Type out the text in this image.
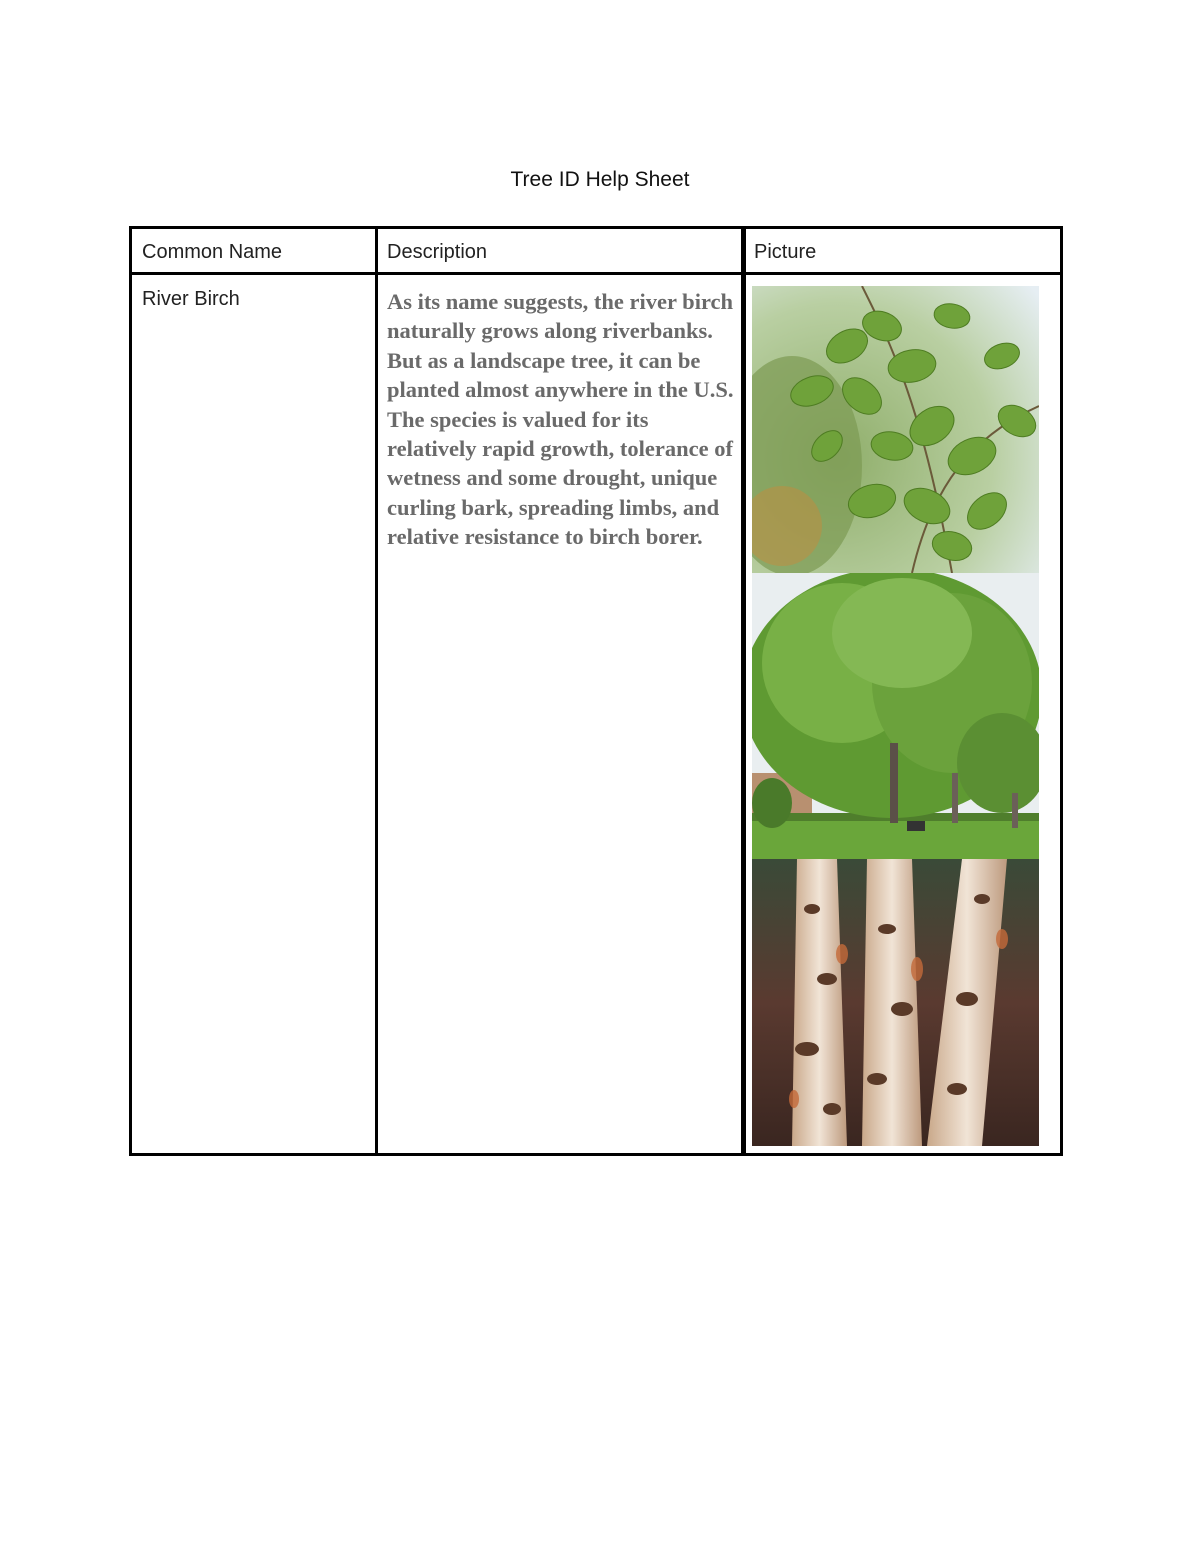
Tree ID Help Sheet
Common Name	Description	Picture
River Birch	As its name suggests, the river birch naturally grows along riverbanks. But as a landscape tree, it can be planted almost anywhere in the U.S. The species is valued for its relatively rapid growth, tolerance of wetness and some drought, unique curling bark, spreading limbs, and relative resistance to birch borer.
